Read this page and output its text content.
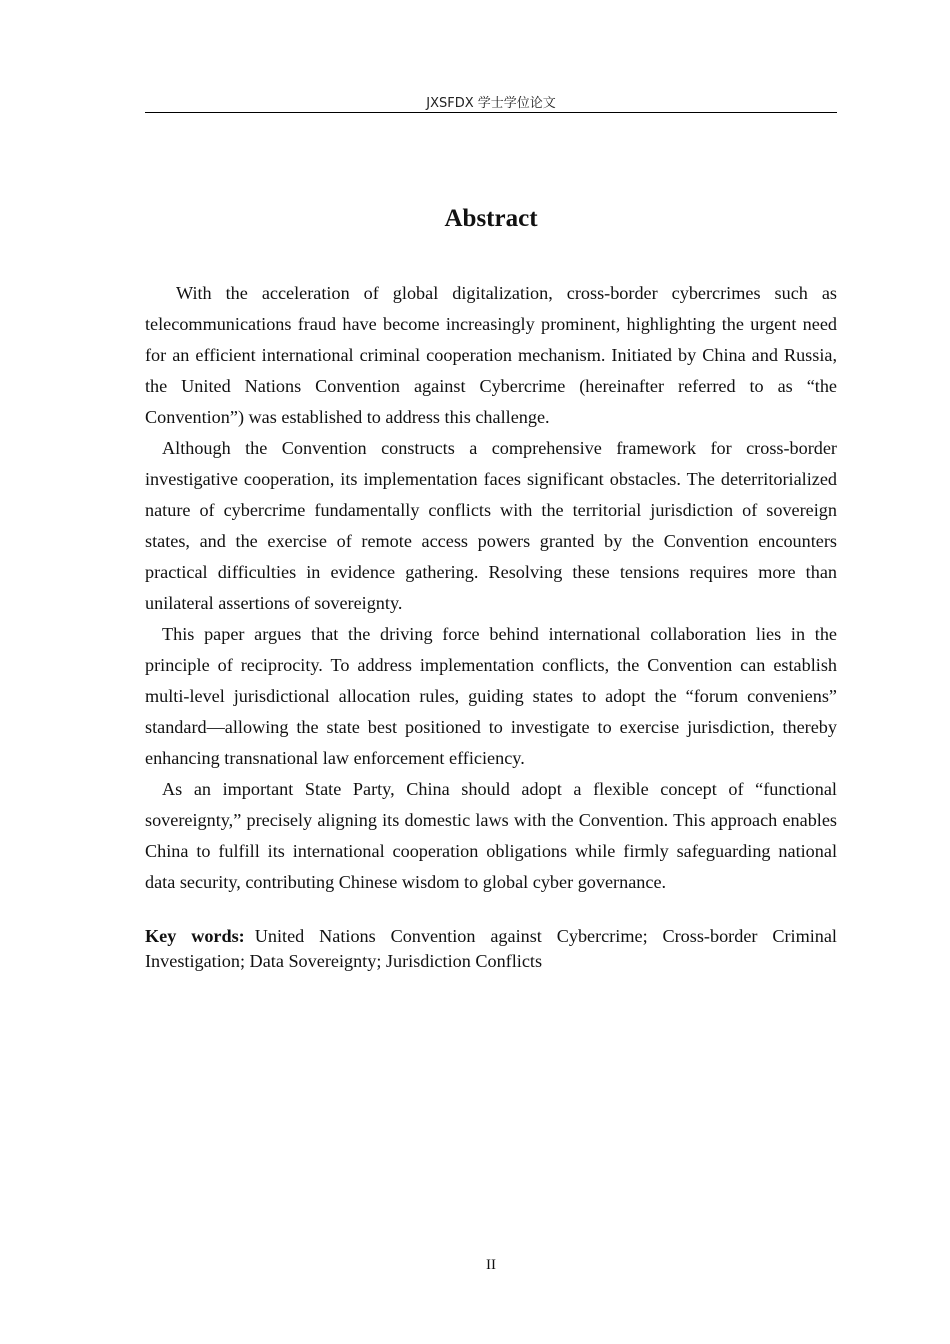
JXSFDX 学士学位论文
Abstract

With the acceleration of global digitalization, cross-border cybercrimes such as telecommunications fraud have become increasingly prominent, highlighting the urgent need for an efficient international criminal cooperation mechanism. Initiated by China and Russia, the United Nations Convention against Cybercrime (hereinafter referred to as “the Convention”) was established to address this challenge.

Although the Convention constructs a comprehensive framework for cross-border investigative cooperation, its implementation faces significant obstacles. The deterritorialized nature of cybercrime fundamentally conflicts with the territorial jurisdiction of sovereign states, and the exercise of remote access powers granted by the Convention encounters practical difficulties in evidence gathering. Resolving these tensions requires more than unilateral assertions of sovereignty.

This paper argues that the driving force behind international collaboration lies in the principle of reciprocity. To address implementation conflicts, the Convention can establish multi-level jurisdictional allocation rules, guiding states to adopt the “forum conveniens” standard—allowing the state best positioned to investigate to exercise jurisdiction, thereby enhancing transnational law enforcement efficiency.

As an important State Party, China should adopt a flexible concept of “functional sovereignty,” precisely aligning its domestic laws with the Convention. This approach enables China to fulfill its international cooperation obligations while firmly safeguarding national data security, contributing Chinese wisdom to global cyber governance.

Key words: United Nations Convention against Cybercrime; Cross-border Criminal Investigation; Data Sovereignty; Jurisdiction Conflicts

II
